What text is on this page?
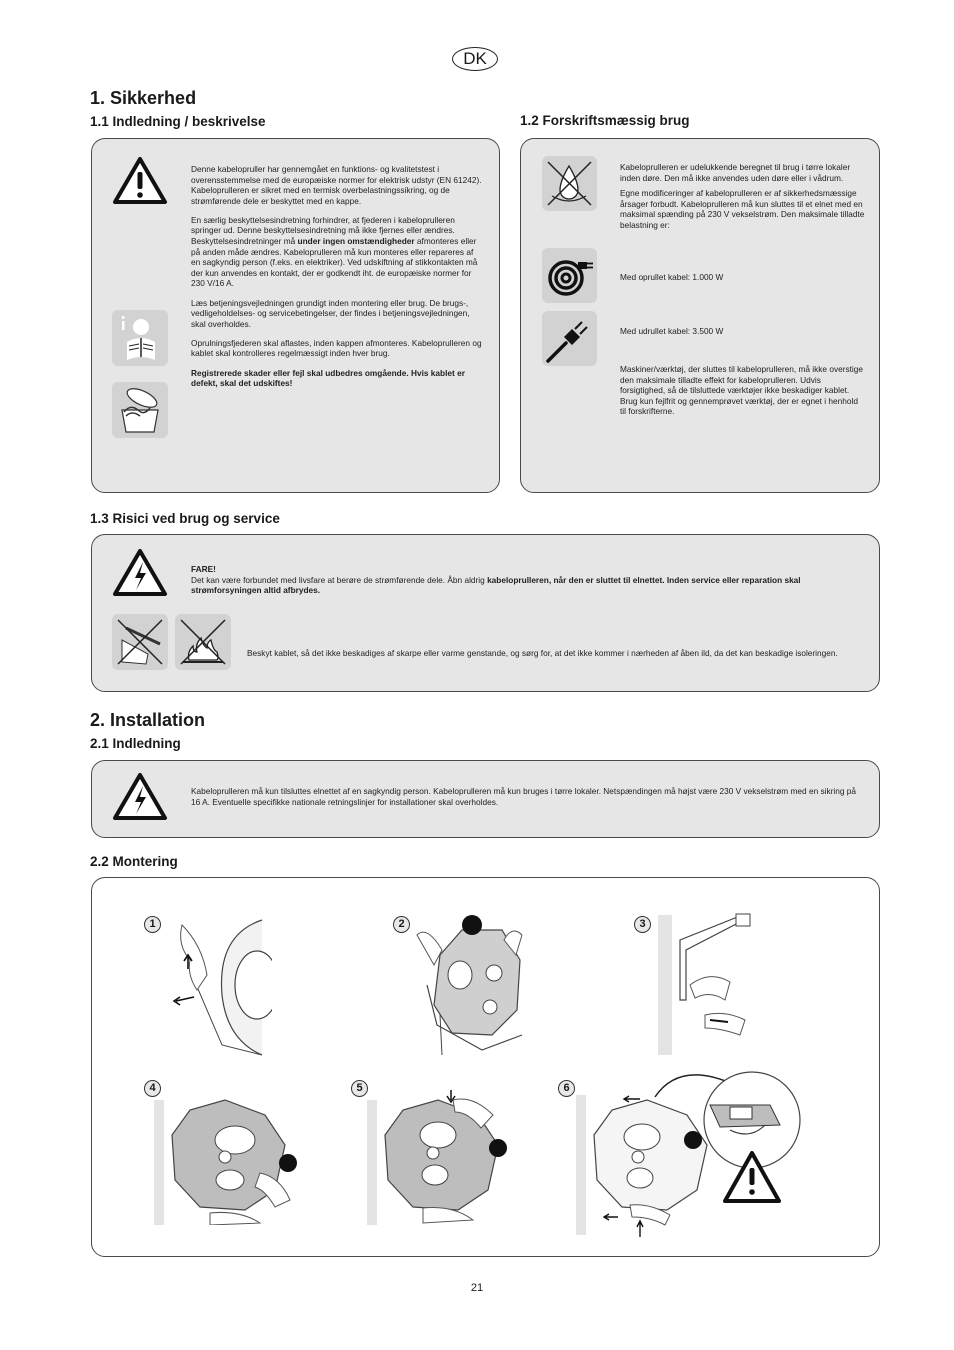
DK
1. Sikkerhed
1.1 Indledning / beskrivelse	1.2 Forskriftsmæssig brug

Denne kabelopruller har gennemgået en funktions- og kvalitetstest i overensstemmelse med de europæiske normer for elektrisk udstyr (EN 61242). Kabelopruller​en er sikret med en termisk overbelastningssikring, og de strømførende dele er beskyttet med en kappe.

En særlig beskyttelsesindretning forhindrer, at fjederen i kabeloprulleren springer ud. Denne beskyttelsesindretning må ikke fjernes eller ændres. Beskyttelsesindretninger må under ingen omstændigheder afmonteres eller på anden måde ændres. Kabeloprulleren må kun monteres eller repareres af en sagkyndig person (f.eks. en elektriker). Ved udskiftning af stikkontakten må der kun anvendes en kontakt, der er godkendt iht. de europæiske normer for 230 V/16 A.

Læs betjeningsvejledningen grundigt inden montering eller brug. De brugs-, vedligeholdelses- og servicebetingelser, der findes i betjeningsvejledningen, skal overholdes.

Oprulningsfjederen skal aflastes, inden kappen afmonteres. Kabeloprulleren og kablet skal kontrolleres regelmæssigt inden hver brug.

Registrerede skader eller fejl skal udbedres omgående. Hvis kablet er defekt, skal det udskiftes!

Kabeloprulleren er udelukkende beregnet til brug i tørre lokaler inden døre. Den må ikke anvendes uden døre eller i vådrum.

Egne modificeringer af kabeloprulleren er af sikkerhedsmæssige årsager forbudt. Kabeloprulleren må kun sluttes til et elnet med en maksimal spænding på 230 V vekselstrøm. Den maksimale tilladte belastning er:

Med oprullet kabel: 1.000 W
Med udrullet kabel: 3.500 W
Maskiner/værktøj, der sluttes til kabeloprulleren, må ikke overstige den maksimale tilladte effekt for kabeloprulleren. Udvis forsigtighed, så de tilsluttede værktøjer ikke beskadiger kablet. Brug kun fejlfrit og gennemprøvet værktøj, der er egnet i henhold til forskrifterne.
1.3 Risici ved brug og service
FARE!
Det kan være forbundet med livsfare at berøre de strømførende dele. Åbn aldrig kabeloprulleren, når den er sluttet til elnettet. Inden service eller reparation skal strømforsyningen altid afbrydes.
Beskyt kablet, så det ikke beskadiges af skarpe eller varme genstande, og sørg for, at det ikke kommer i nærheden af åben ild, da det kan beskadige isoleringen.
2. Installation
2.1 Indledning
Kabeloprulleren må kun tilsluttes elnettet af en sagkyndig person. Kabeloprulleren må kun bruges i tørre lokaler. Netspændingen må højst være 230 V vekselstrøm med en sikring på 16 A. Eventuelle specifikke nationale retningslinjer for installationer skal overholdes.
2.2 Montering
1	2	3
4	5	6
21
